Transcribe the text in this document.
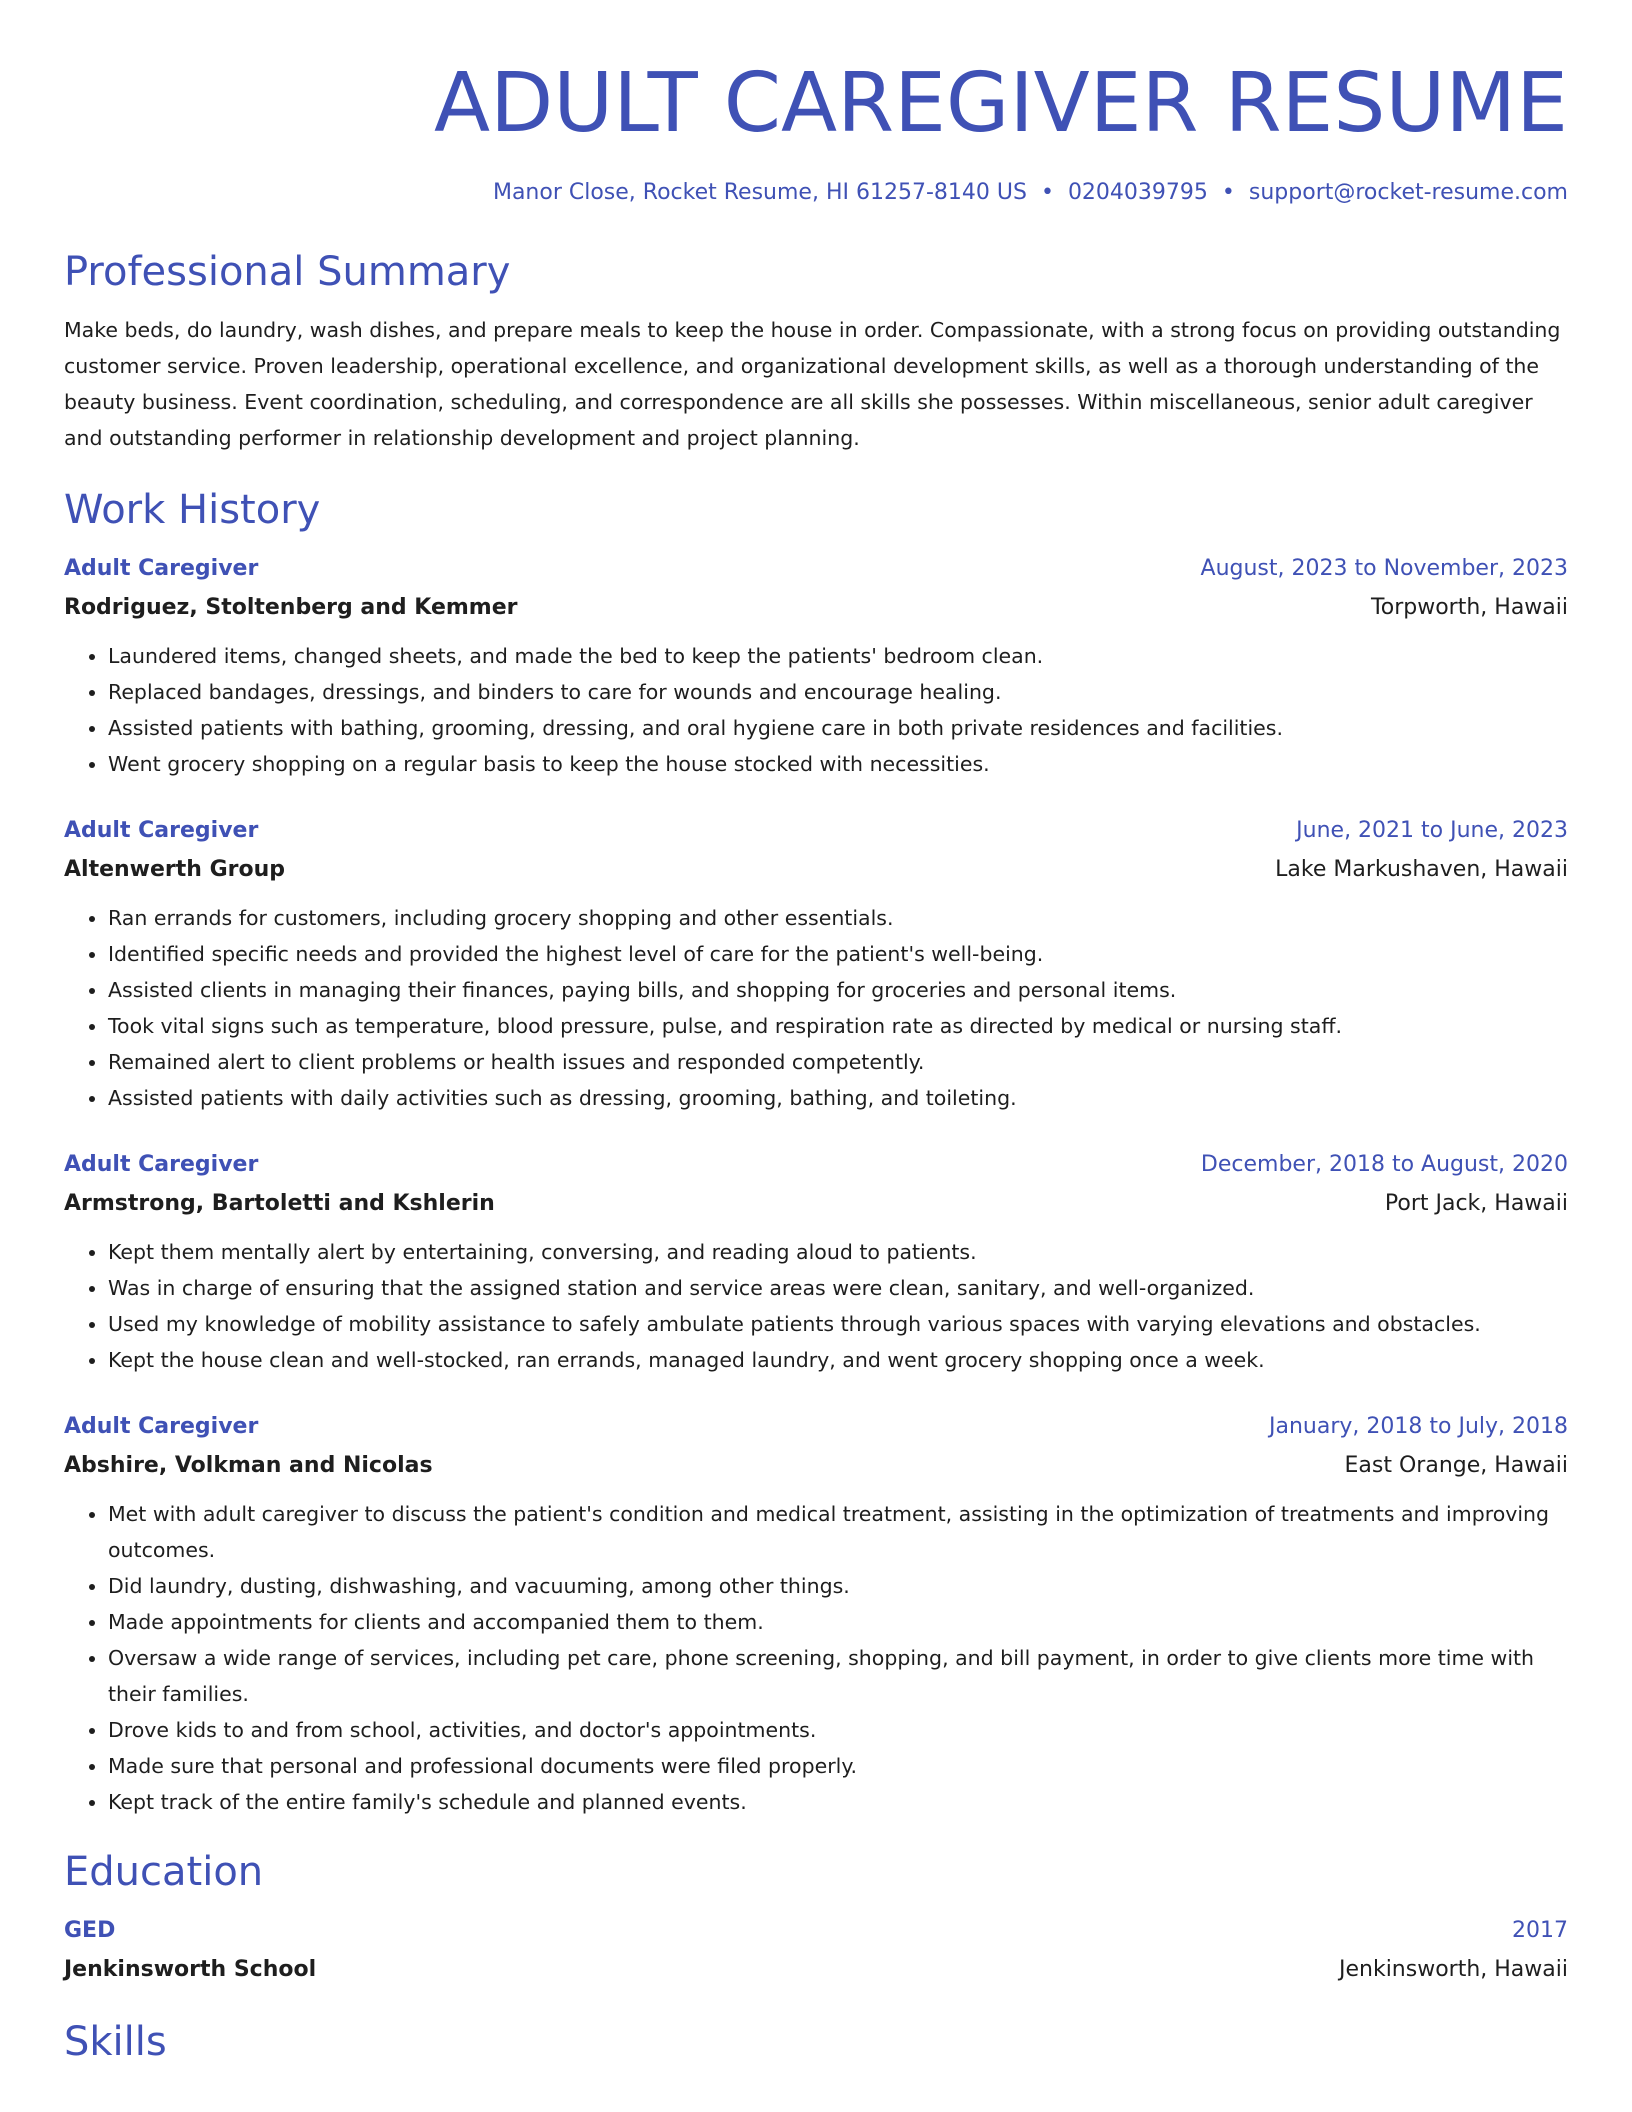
ADULT CAREGIVER RESUME
Manor Close, Rocket Resume, HI 61257-8140 US • 0204039795 • support@rocket-resume.com
Professional Summary

Make beds, do laundry, wash dishes, and prepare meals to keep the house in order. Compassionate, with a strong focus on providing outstanding customer service. Proven leadership, operational excellence, and organizational development skills, as well as a thorough understanding of the beauty business. Event coordination, scheduling, and correspondence are all skills she possesses. Within miscellaneous, senior adult caregiver and outstanding performer in relationship development and project planning.

Work History
Adult Caregiver	August, 2023 to November, 2023
Rodriguez, Stoltenberg and Kemmer	Torpworth, Hawaii
• Laundered items, changed sheets, and made the bed to keep the patients' bedroom clean.
• Replaced bandages, dressings, and binders to care for wounds and encourage healing.
• Assisted patients with bathing, grooming, dressing, and oral hygiene care in both private residences and facilities.
• Went grocery shopping on a regular basis to keep the house stocked with necessities.
Adult Caregiver	June, 2021 to June, 2023
Altenwerth Group	Lake Markushaven, Hawaii
• Ran errands for customers, including grocery shopping and other essentials.
• Identified specific needs and provided the highest level of care for the patient's well-being.
• Assisted clients in managing their finances, paying bills, and shopping for groceries and personal items.
• Took vital signs such as temperature, blood pressure, pulse, and respiration rate as directed by medical or nursing staff.
• Remained alert to client problems or health issues and responded competently.
• Assisted patients with daily activities such as dressing, grooming, bathing, and toileting.
Adult Caregiver	December, 2018 to August, 2020
Armstrong, Bartoletti and Kshlerin	Port Jack, Hawaii
• Kept them mentally alert by entertaining, conversing, and reading aloud to patients.
• Was in charge of ensuring that the assigned station and service areas were clean, sanitary, and well-organized.
• Used my knowledge of mobility assistance to safely ambulate patients through various spaces with varying elevations and obstacles.
• Kept the house clean and well-stocked, ran errands, managed laundry, and went grocery shopping once a week.
Adult Caregiver	January, 2018 to July, 2018
Abshire, Volkman and Nicolas	East Orange, Hawaii
• Met with adult caregiver to discuss the patient's condition and medical treatment, assisting in the optimization of treatments and improving outcomes.
• Did laundry, dusting, dishwashing, and vacuuming, among other things.
• Made appointments for clients and accompanied them to them.
• Oversaw a wide range of services, including pet care, phone screening, shopping, and bill payment, in order to give clients more time with their families.
• Drove kids to and from school, activities, and doctor's appointments.
• Made sure that personal and professional documents were filed properly.
• Kept track of the entire family's schedule and planned events.
Education
GED	2017
Jenkinsworth School	Jenkinsworth, Hawaii
Skills
